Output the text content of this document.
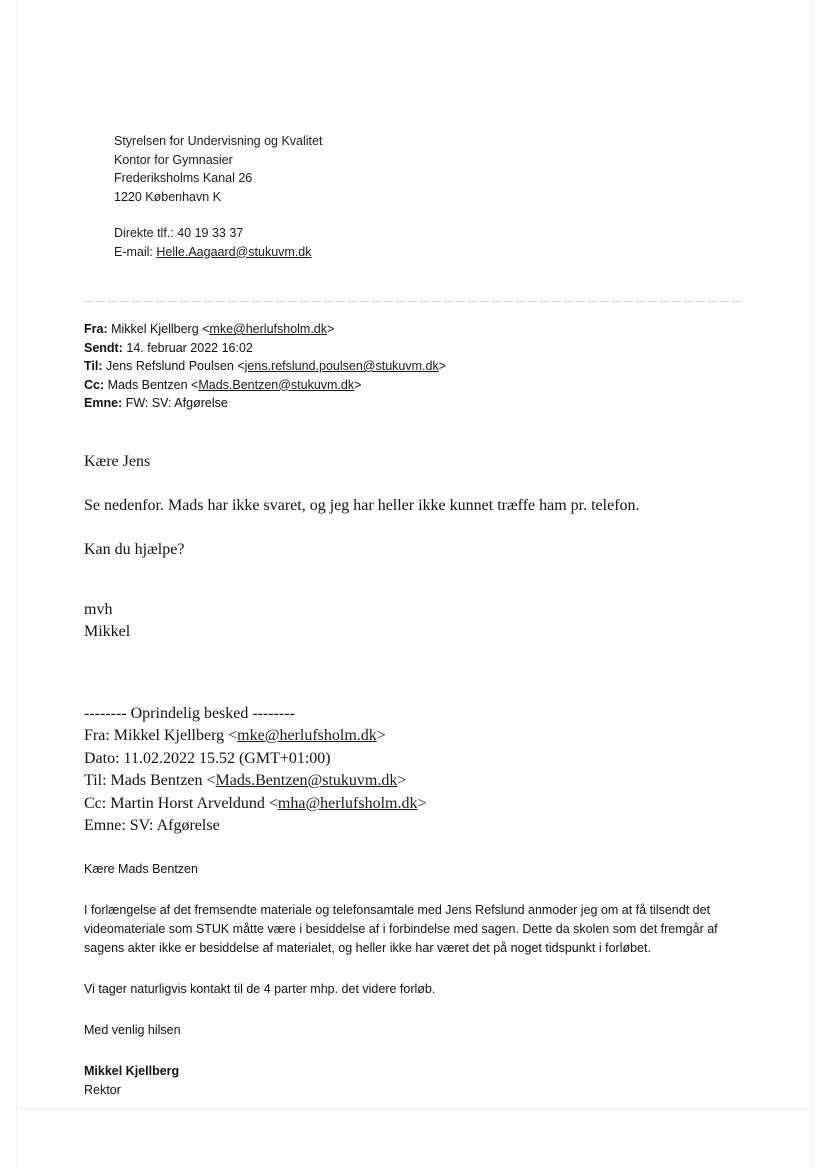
Styrelsen for Undervisning og Kvalitet
Kontor for Gymnasier
Frederiksholms Kanal 26
1220 København K
Direkte tlf.: 40 19 33 37
E-mail: Helle.Aagaard@stukuvm.dk
Fra: Mikkel Kjellberg <mke@herlufsholm.dk>
Sendt: 14. februar 2022 16:02
Til: Jens Refslund Poulsen <jens.refslund.poulsen@stukuvm.dk>
Cc: Mads Bentzen <Mads.Bentzen@stukuvm.dk>
Emne: FW: SV: Afgørelse

Kære Jens

Se nedenfor. Mads har ikke svaret, og jeg har heller ikke kunnet træffe ham pr. telefon.

Kan du hjælpe?

mvh

Mikkel

-------- Oprindelig besked --------
Fra: Mikkel Kjellberg <mke@herlufsholm.dk>
Dato: 11.02.2022 15.52 (GMT+01:00)
Til: Mads Bentzen <Mads.Bentzen@stukuvm.dk>
Cc: Martin Horst Arveldund <mha@herlufsholm.dk>
Emne: SV: Afgørelse

Kære Mads Bentzen

I forlængelse af det fremsendte materiale og telefonsamtale med Jens Refslund anmoder jeg om at få tilsendt det videomateriale som STUK måtte være i besiddelse af i forbindelse med sagen. Dette da skolen som det fremgår af sagens akter ikke er besiddelse af materialet, og heller ikke har været det på noget tidspunkt i forløbet.

Vi tager naturligvis kontakt til de 4 parter mhp. det videre forløb.

Med venlig hilsen

Mikkel Kjellberg

Rektor
